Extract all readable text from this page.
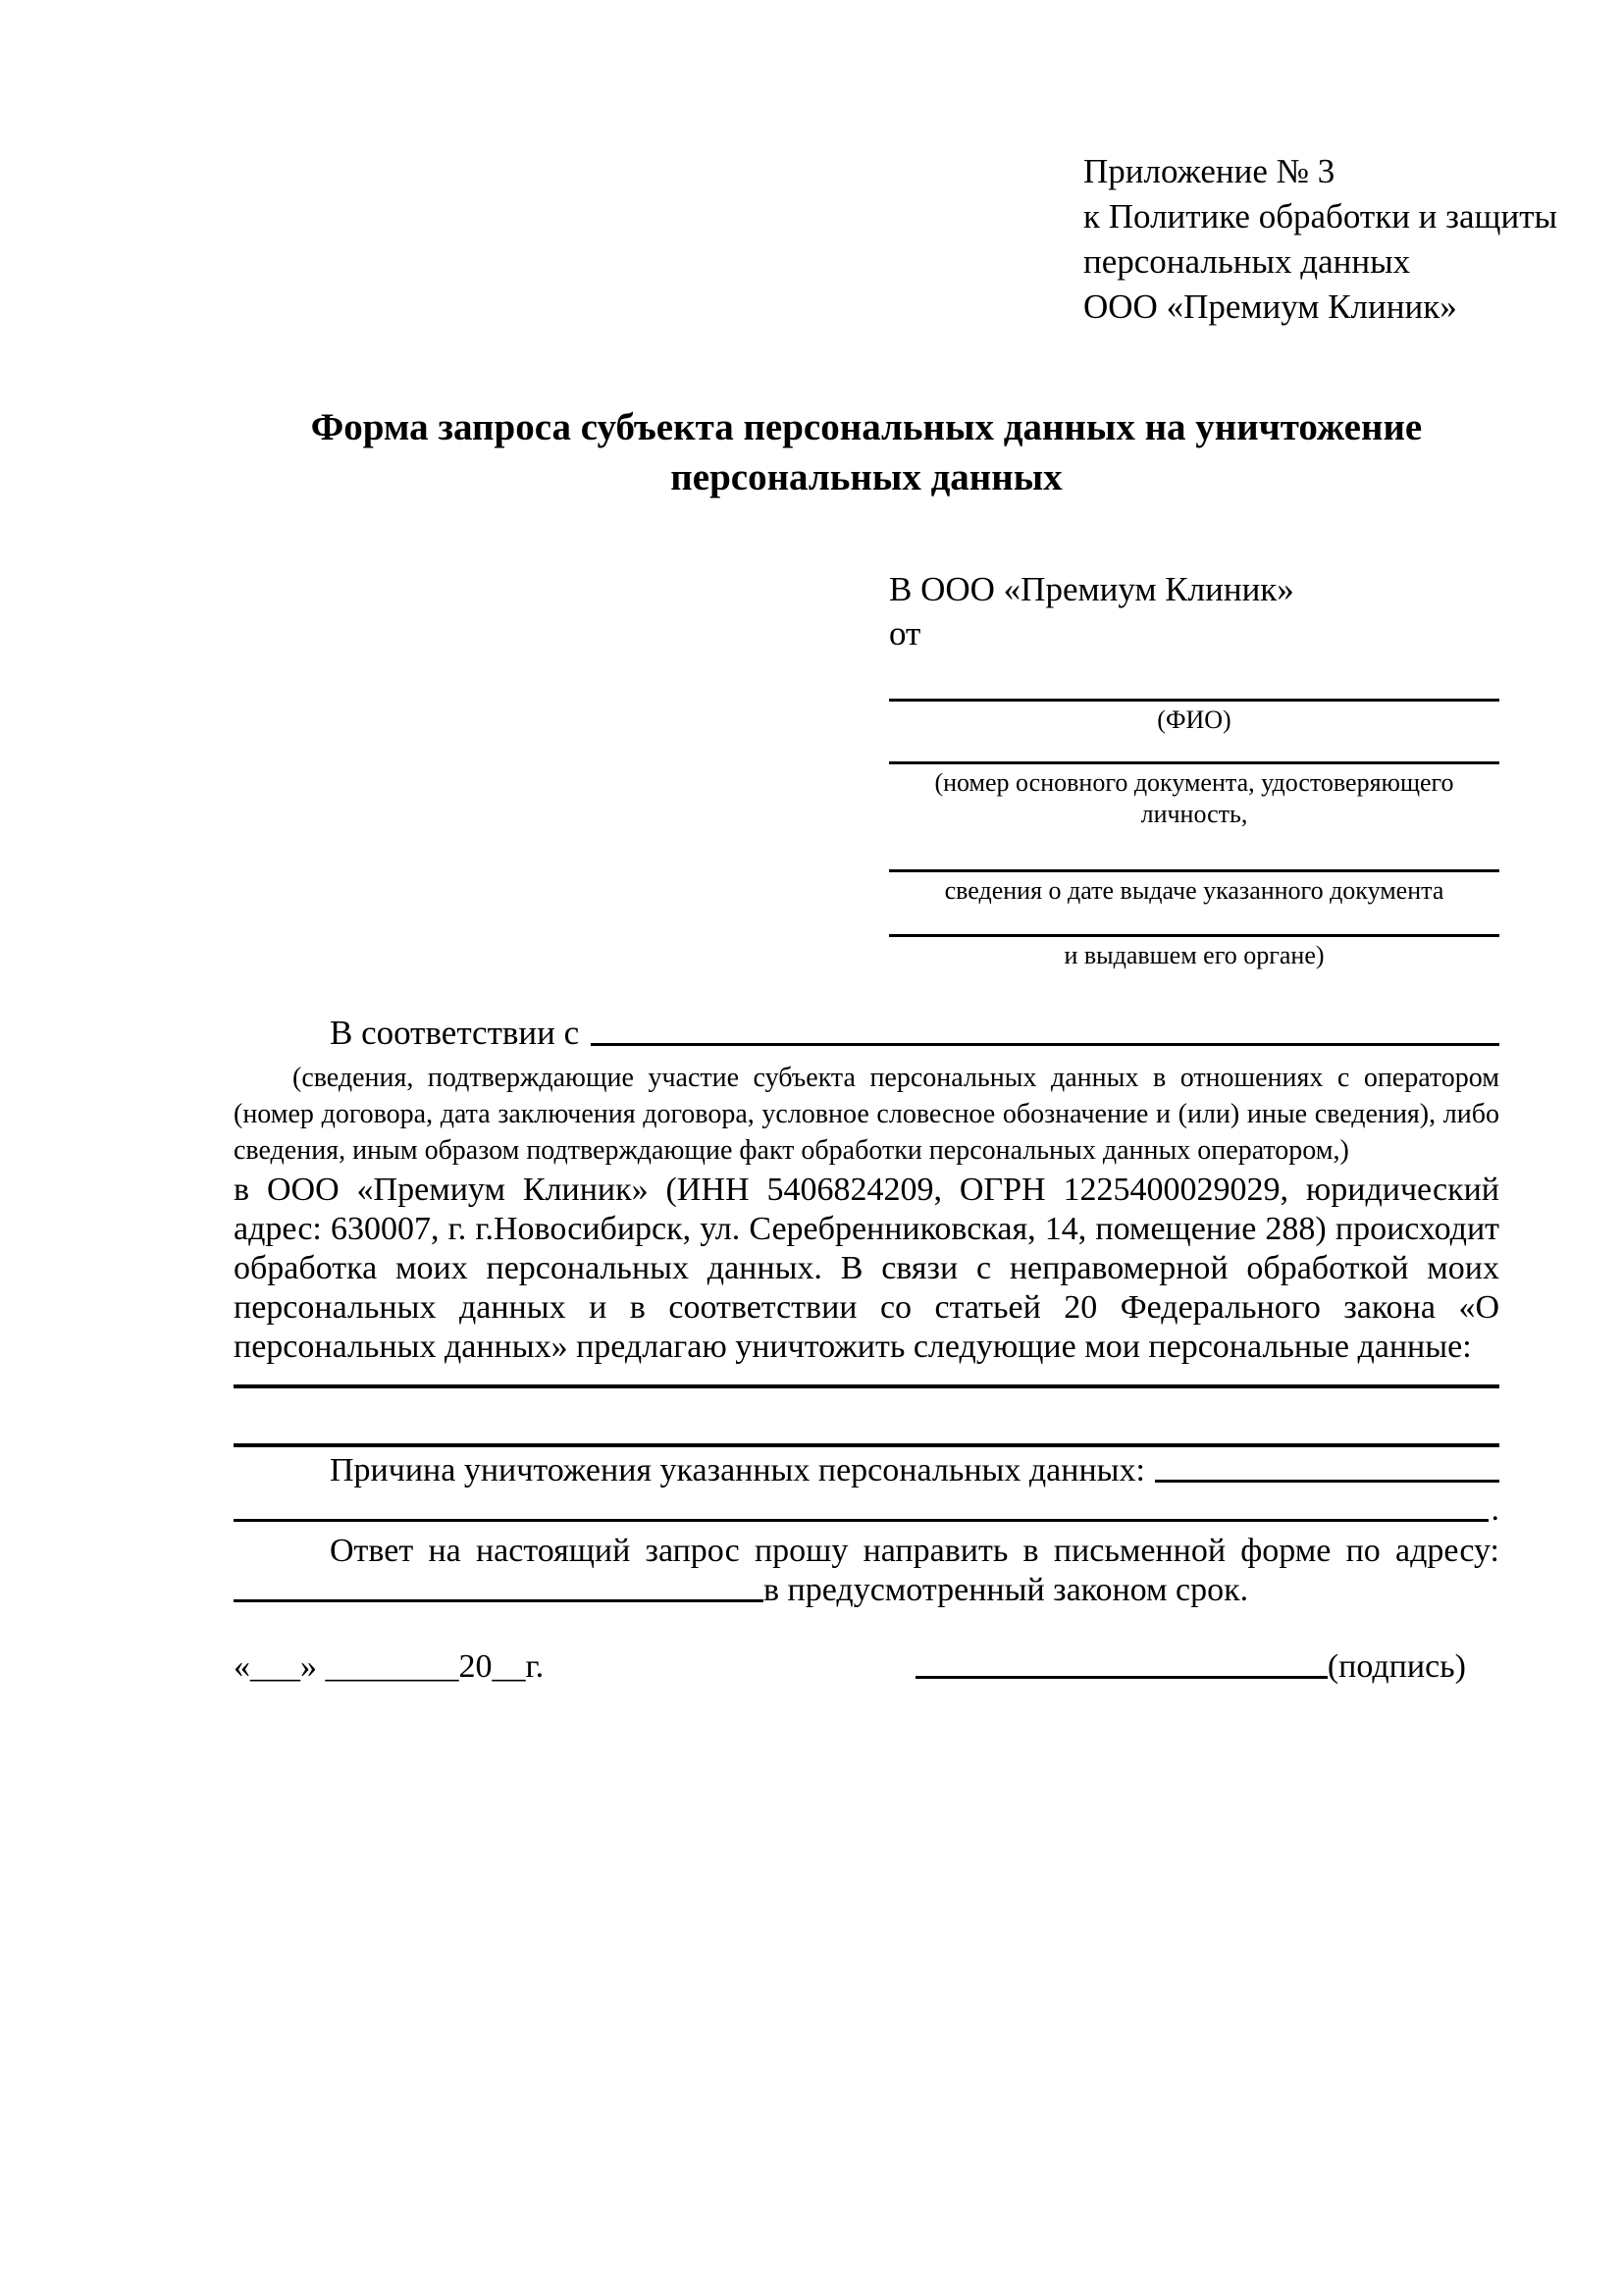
Приложение № 3
к Политике обработки и защиты
персональных данных
ООО «Премиум Клиник»
Форма запроса субъекта персональных данных на уничтожение персональных данных
В ООО «Премиум Клиник»
от
(ФИО)
(номер основного документа, удостоверяющего личность,
сведения о дате выдаче указанного документа
и выдавшем его органе)
В соответствии с

(сведения, подтверждающие участие субъекта персональных данных в отношениях с оператором (номер договора, дата заключения договора, условное словесное обозначение и (или) иные сведения), либо сведения, иным образом подтверждающие факт обработки персональных данных оператором,)

в ООО «Премиум Клиник» (ИНН 5406824209, ОГРН 1225400029029, юридический адрес: 630007, г. г.Новосибирск, ул. Серебренниковская, 14, помещение 288) происходит обработка моих персональных данных. В связи с неправомерной обработкой моих персональных данных и в соответствии со статьей 20 Федерального закона «О персональных данных» предлагаю уничтожить следующие мои персональные данные:

Причина уничтожения указанных персональных данных:
.

Ответ на настоящий запрос прошу направить в письменной форме по адресу:

в предусмотренный законом срок.
«___» ________20__г.	(подпись)
